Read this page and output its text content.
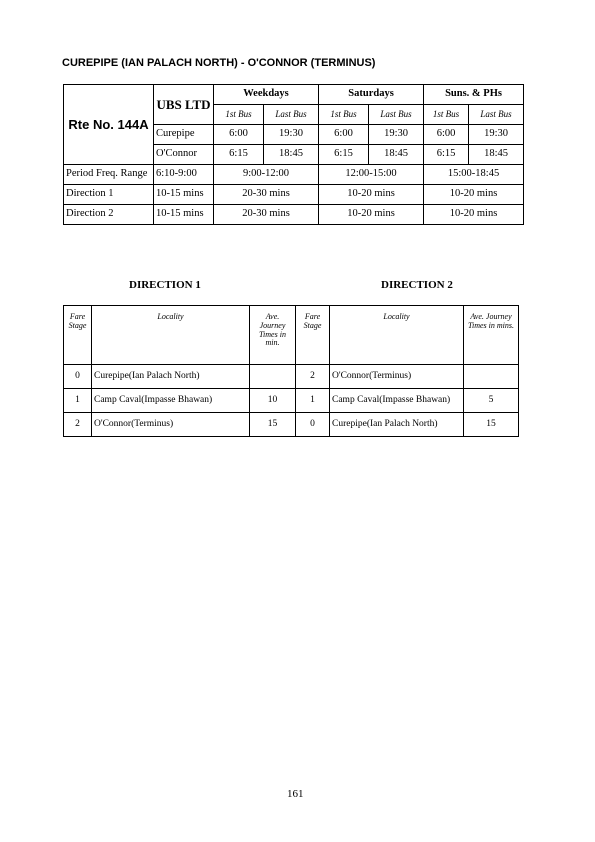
CUREPIPE (IAN PALACH NORTH) - O'CONNOR (TERMINUS)
Rte No. 144A	UBS LTD	Weekdays		Saturdays		Suns. & PHs	
		1st Bus	Last Bus	1st Bus	Last Bus	1st Bus	Last Bus
	Curepipe	6:00	19:30	6:00	19:30	6:00	19:30
	O'Connor	6:15	18:45	6:15	18:45	6:15	18:45
Period Freq. Range	6:10-9:00	9:00-12:00		12:00-15:00		15:00-18:45	
Direction 1	10-15 mins	20-30 mins		10-20 mins		10-20 mins	
Direction 2	10-15 mins	20-30 mins		10-20 mins		10-20 mins	
DIRECTION 1	DIRECTION 2
Fare Stage	Locality	Ave. Journey Times in min.	Fare Stage	Locality	Ave. Journey Times in mins.
0	Curepipe(Ian Palach North)		2	O'Connor(Terminus)	
1	Camp Caval(Impasse Bhawan)	10	1	Camp Caval(Impasse Bhawan)	5
2	O'Connor(Terminus)	15	0	Curepipe(Ian Palach North)	15
161
